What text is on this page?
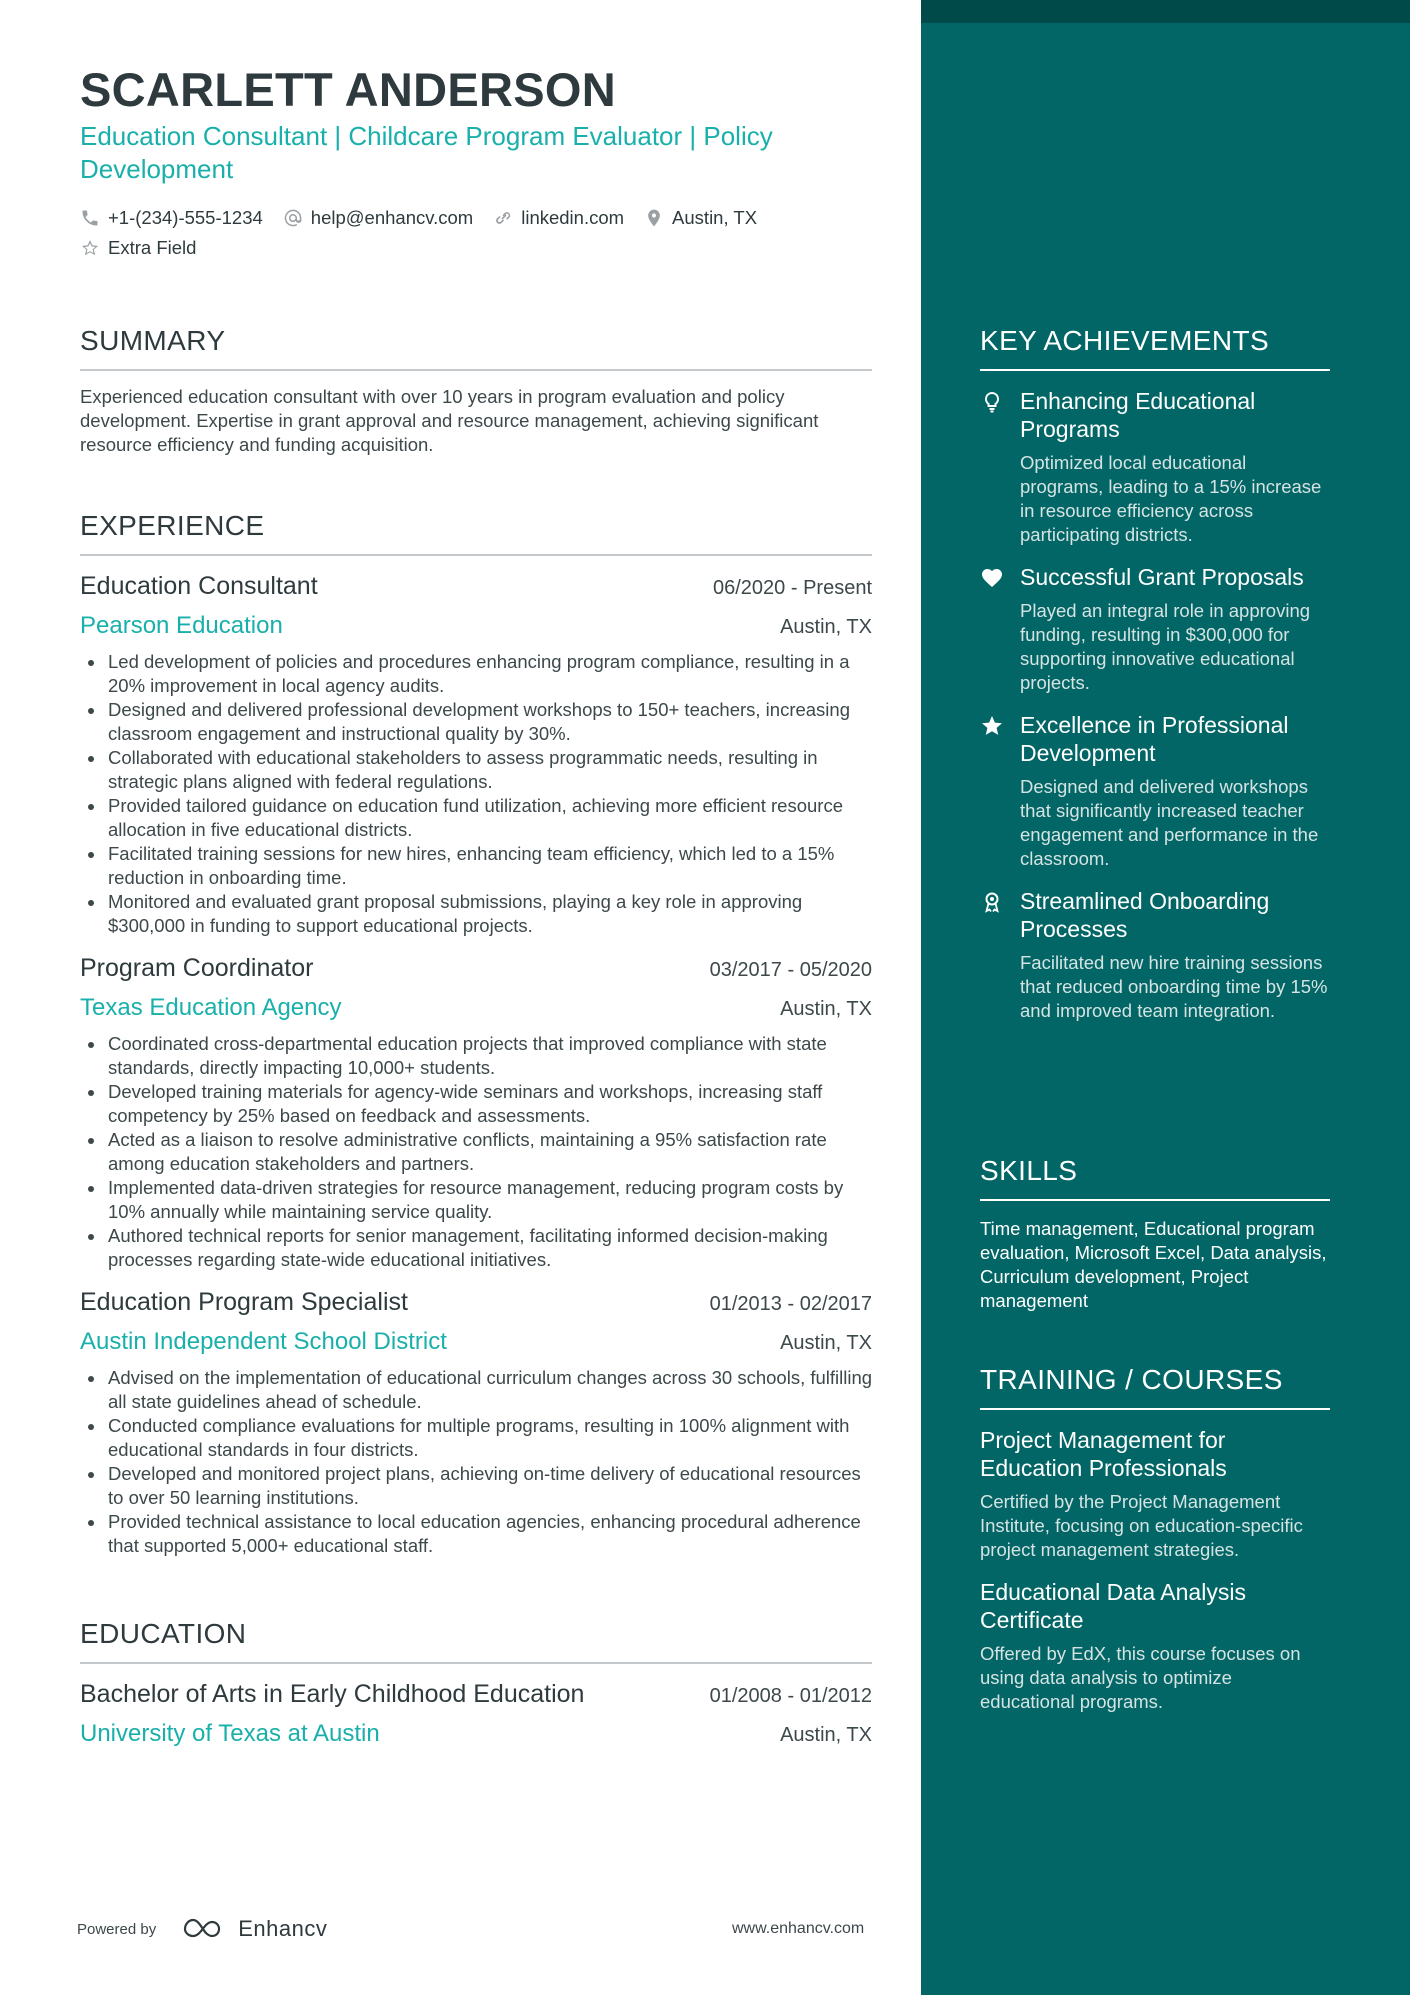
SCARLETT ANDERSON
Education Consultant | Childcare Program Evaluator | Policy Development
+1-(234)-555-1234	help@enhancv.com	linkedin.com	Austin, TX
Extra Field
SUMMARY
Experienced education consultant with over 10 years in program evaluation and policy development. Expertise in grant approval and resource management, achieving significant resource efficiency and funding acquisition.
EXPERIENCE
Education Consultant	06/2020 - Present
Pearson Education	Austin, TX
Led development of policies and procedures enhancing program compliance, resulting in a 20% improvement in local agency audits.
Designed and delivered professional development workshops to 150+ teachers, increasing classroom engagement and instructional quality by 30%.
Collaborated with educational stakeholders to assess programmatic needs, resulting in strategic plans aligned with federal regulations.
Provided tailored guidance on education fund utilization, achieving more efficient resource allocation in five educational districts.
Facilitated training sessions for new hires, enhancing team efficiency, which led to a 15% reduction in onboarding time.
Monitored and evaluated grant proposal submissions, playing a key role in approving $300,000 in funding to support educational projects.
Program Coordinator	03/2017 - 05/2020
Texas Education Agency	Austin, TX
Coordinated cross-departmental education projects that improved compliance with state standards, directly impacting 10,000+ students.
Developed training materials for agency-wide seminars and workshops, increasing staff competency by 25% based on feedback and assessments.
Acted as a liaison to resolve administrative conflicts, maintaining a 95% satisfaction rate among education stakeholders and partners.
Implemented data-driven strategies for resource management, reducing program costs by 10% annually while maintaining service quality.
Authored technical reports for senior management, facilitating informed decision-making processes regarding state-wide educational initiatives.
Education Program Specialist	01/2013 - 02/2017
Austin Independent School District	Austin, TX
Advised on the implementation of educational curriculum changes across 30 schools, fulfilling all state guidelines ahead of schedule.
Conducted compliance evaluations for multiple programs, resulting in 100% alignment with educational standards in four districts.
Developed and monitored project plans, achieving on-time delivery of educational resources to over 50 learning institutions.
Provided technical assistance to local education agencies, enhancing procedural adherence that supported 5,000+ educational staff.
EDUCATION
Bachelor of Arts in Early Childhood Education	01/2008 - 01/2012
University of Texas at Austin	Austin, TX
Powered by	Enhancv	www.enhancv.com
KEY ACHIEVEMENTS
Enhancing Educational Programs
Optimized local educational programs, leading to a 15% increase in resource efficiency across participating districts.
Successful Grant Proposals
Played an integral role in approving funding, resulting in $300,000 for supporting innovative educational projects.
Excellence in Professional Development
Designed and delivered workshops that significantly increased teacher engagement and performance in the classroom.
Streamlined Onboarding Processes
Facilitated new hire training sessions that reduced onboarding time by 15% and improved team integration.
SKILLS
Time management, Educational program evaluation, Microsoft Excel, Data analysis, Curriculum development, Project management
TRAINING / COURSES
Project Management for Education Professionals
Certified by the Project Management Institute, focusing on education-specific project management strategies.
Educational Data Analysis Certificate
Offered by EdX, this course focuses on using data analysis to optimize educational programs.
